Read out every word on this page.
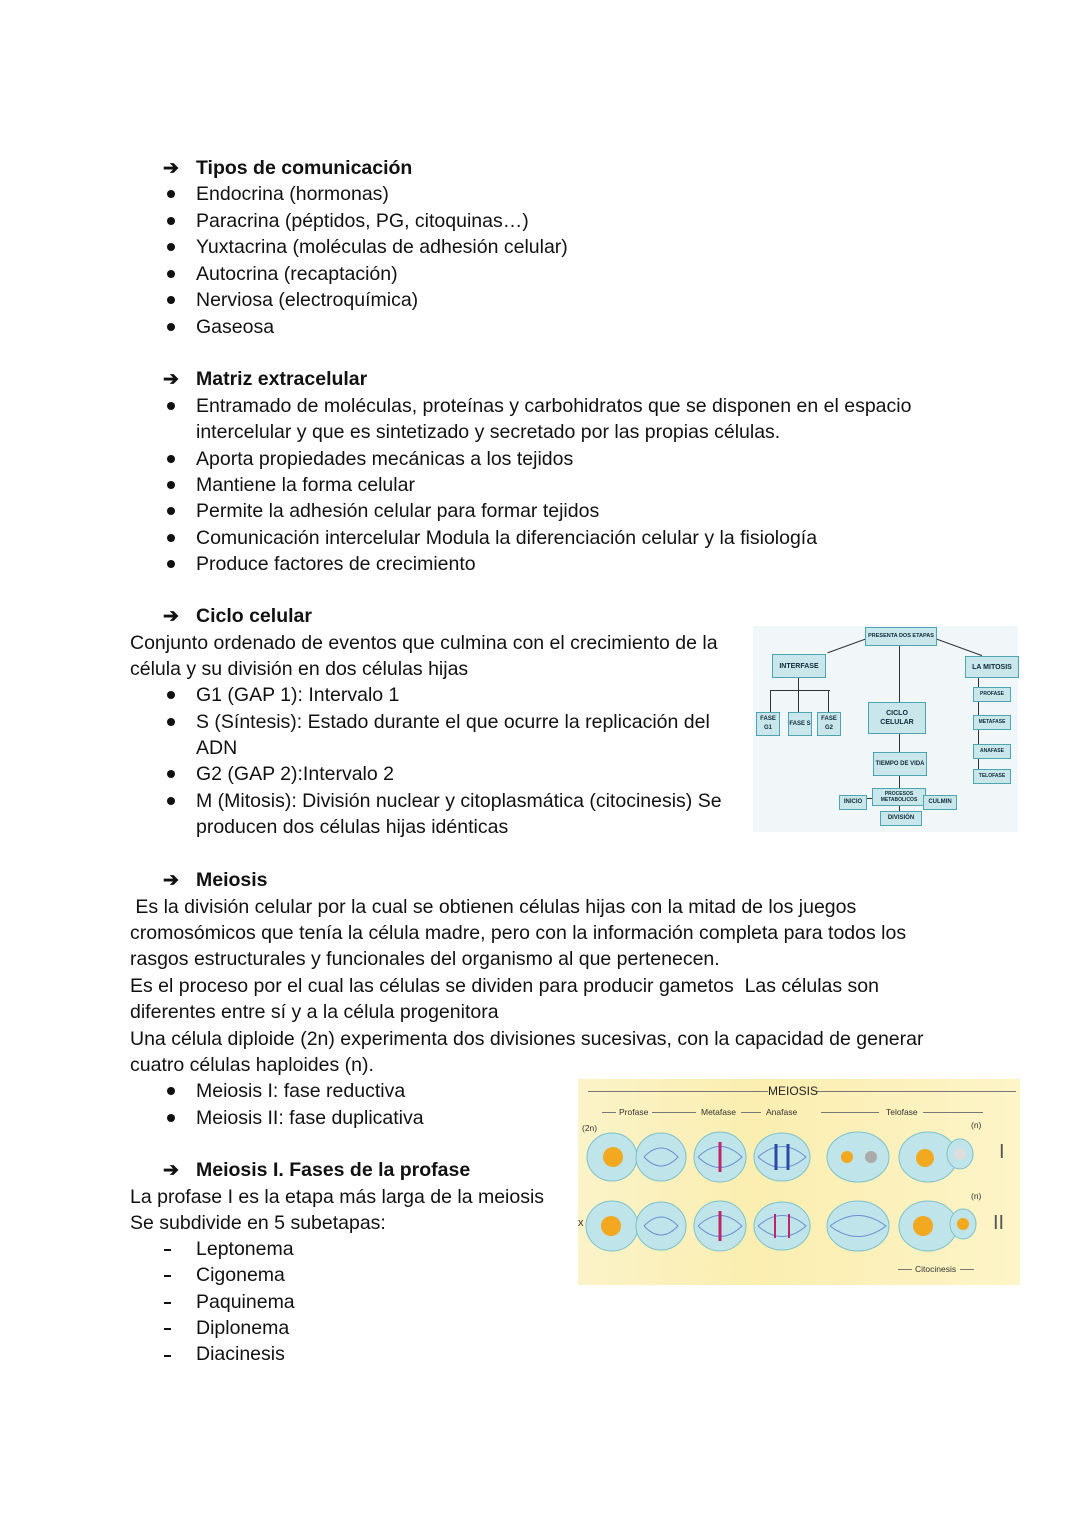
➔ Tipos de comunicación
Endocrina (hormonas)
Paracrina (péptidos, PG, citoquinas…)
Yuxtacrina (moléculas de adhesión celular)
Autocrina (recaptación)
Nerviosa (electroquímica)
Gaseosa
➔ Matriz extracelular
Entramado de moléculas, proteínas y carbohidratos que se disponen en el espacio
intercelular y que es sintetizado y secretado por las propias células.
Aporta propiedades mecánicas a los tejidos
Mantiene la forma celular
Permite la adhesión celular para formar tejidos
Comunicación intercelular Modula la diferenciación celular y la fisiología
Produce factores de crecimiento
➔ Ciclo celular
Conjunto ordenado de eventos que culmina con el crecimiento de la
célula y su división en dos células hijas
G1 (GAP 1): Intervalo 1
S (Síntesis): Estado durante el que ocurre la replicación del
ADN
G2 (GAP 2):Intervalo 2
M (Mitosis): División nuclear y citoplasmática (citocinesis) Se
producen dos células hijas idénticas
PRESENTA DOS ETAPAS
INTERFASE	LA MITOSIS
FASE G1
FASE S
FASE G2
CICLO CELULAR
TIEMPO DE VIDA
PROCESOS METABOLICOS
INICIO	CULMIN
DIVISIÓN
PROFASE
METAFASE
ANAFASE
TELOFASE
➔ Meiosis
Es la división celular por la cual se obtienen células hijas con la mitad de los juegos
cromosómicos que tenía la célula madre, pero con la información completa para todos los
rasgos estructurales y funcionales del organismo al que pertenecen.
Es el proceso por el cual las células se dividen para producir gametos  Las células son
diferentes entre sí y a la célula progenitora
Una célula diploide (2n) experimenta dos divisiones sucesivas, con la capacidad de generar
cuatro células haploides (n).
Meiosis I: fase reductiva
Meiosis II: fase duplicativa
➔ Meiosis I. Fases de la profase
La profase I es la etapa más larga de la meiosis
Se subdivide en 5 subetapas:
Leptonema
Cigonema
Paquinema
Diplonema
Diacinesis
MEIOSIS
Profase	Metafase	Anafase	Telofase
(2n)	(n)
(n)
x
I
II
Citocinesis
